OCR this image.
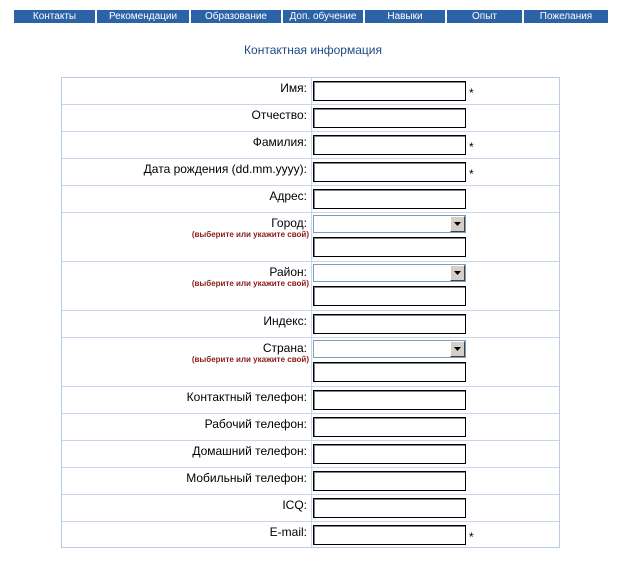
Контакты	Рекомендации	Образование	Доп. обучение	Навыки	Опыт	Пожелания
Контактная информация
Имя:	*
Отчество:
Фамилия:	*
Дата рождения (dd.mm.yyyy):	*
Адрес:
Город:
(выберите или укажите свой)
Район:
(выберите или укажите свой)
Индекс:
Страна:
(выберите или укажите свой)
Контактный телефон:
Рабочий телефон:
Домашний телефон:
Мобильный телефон:
ICQ:
E-mail:	*
